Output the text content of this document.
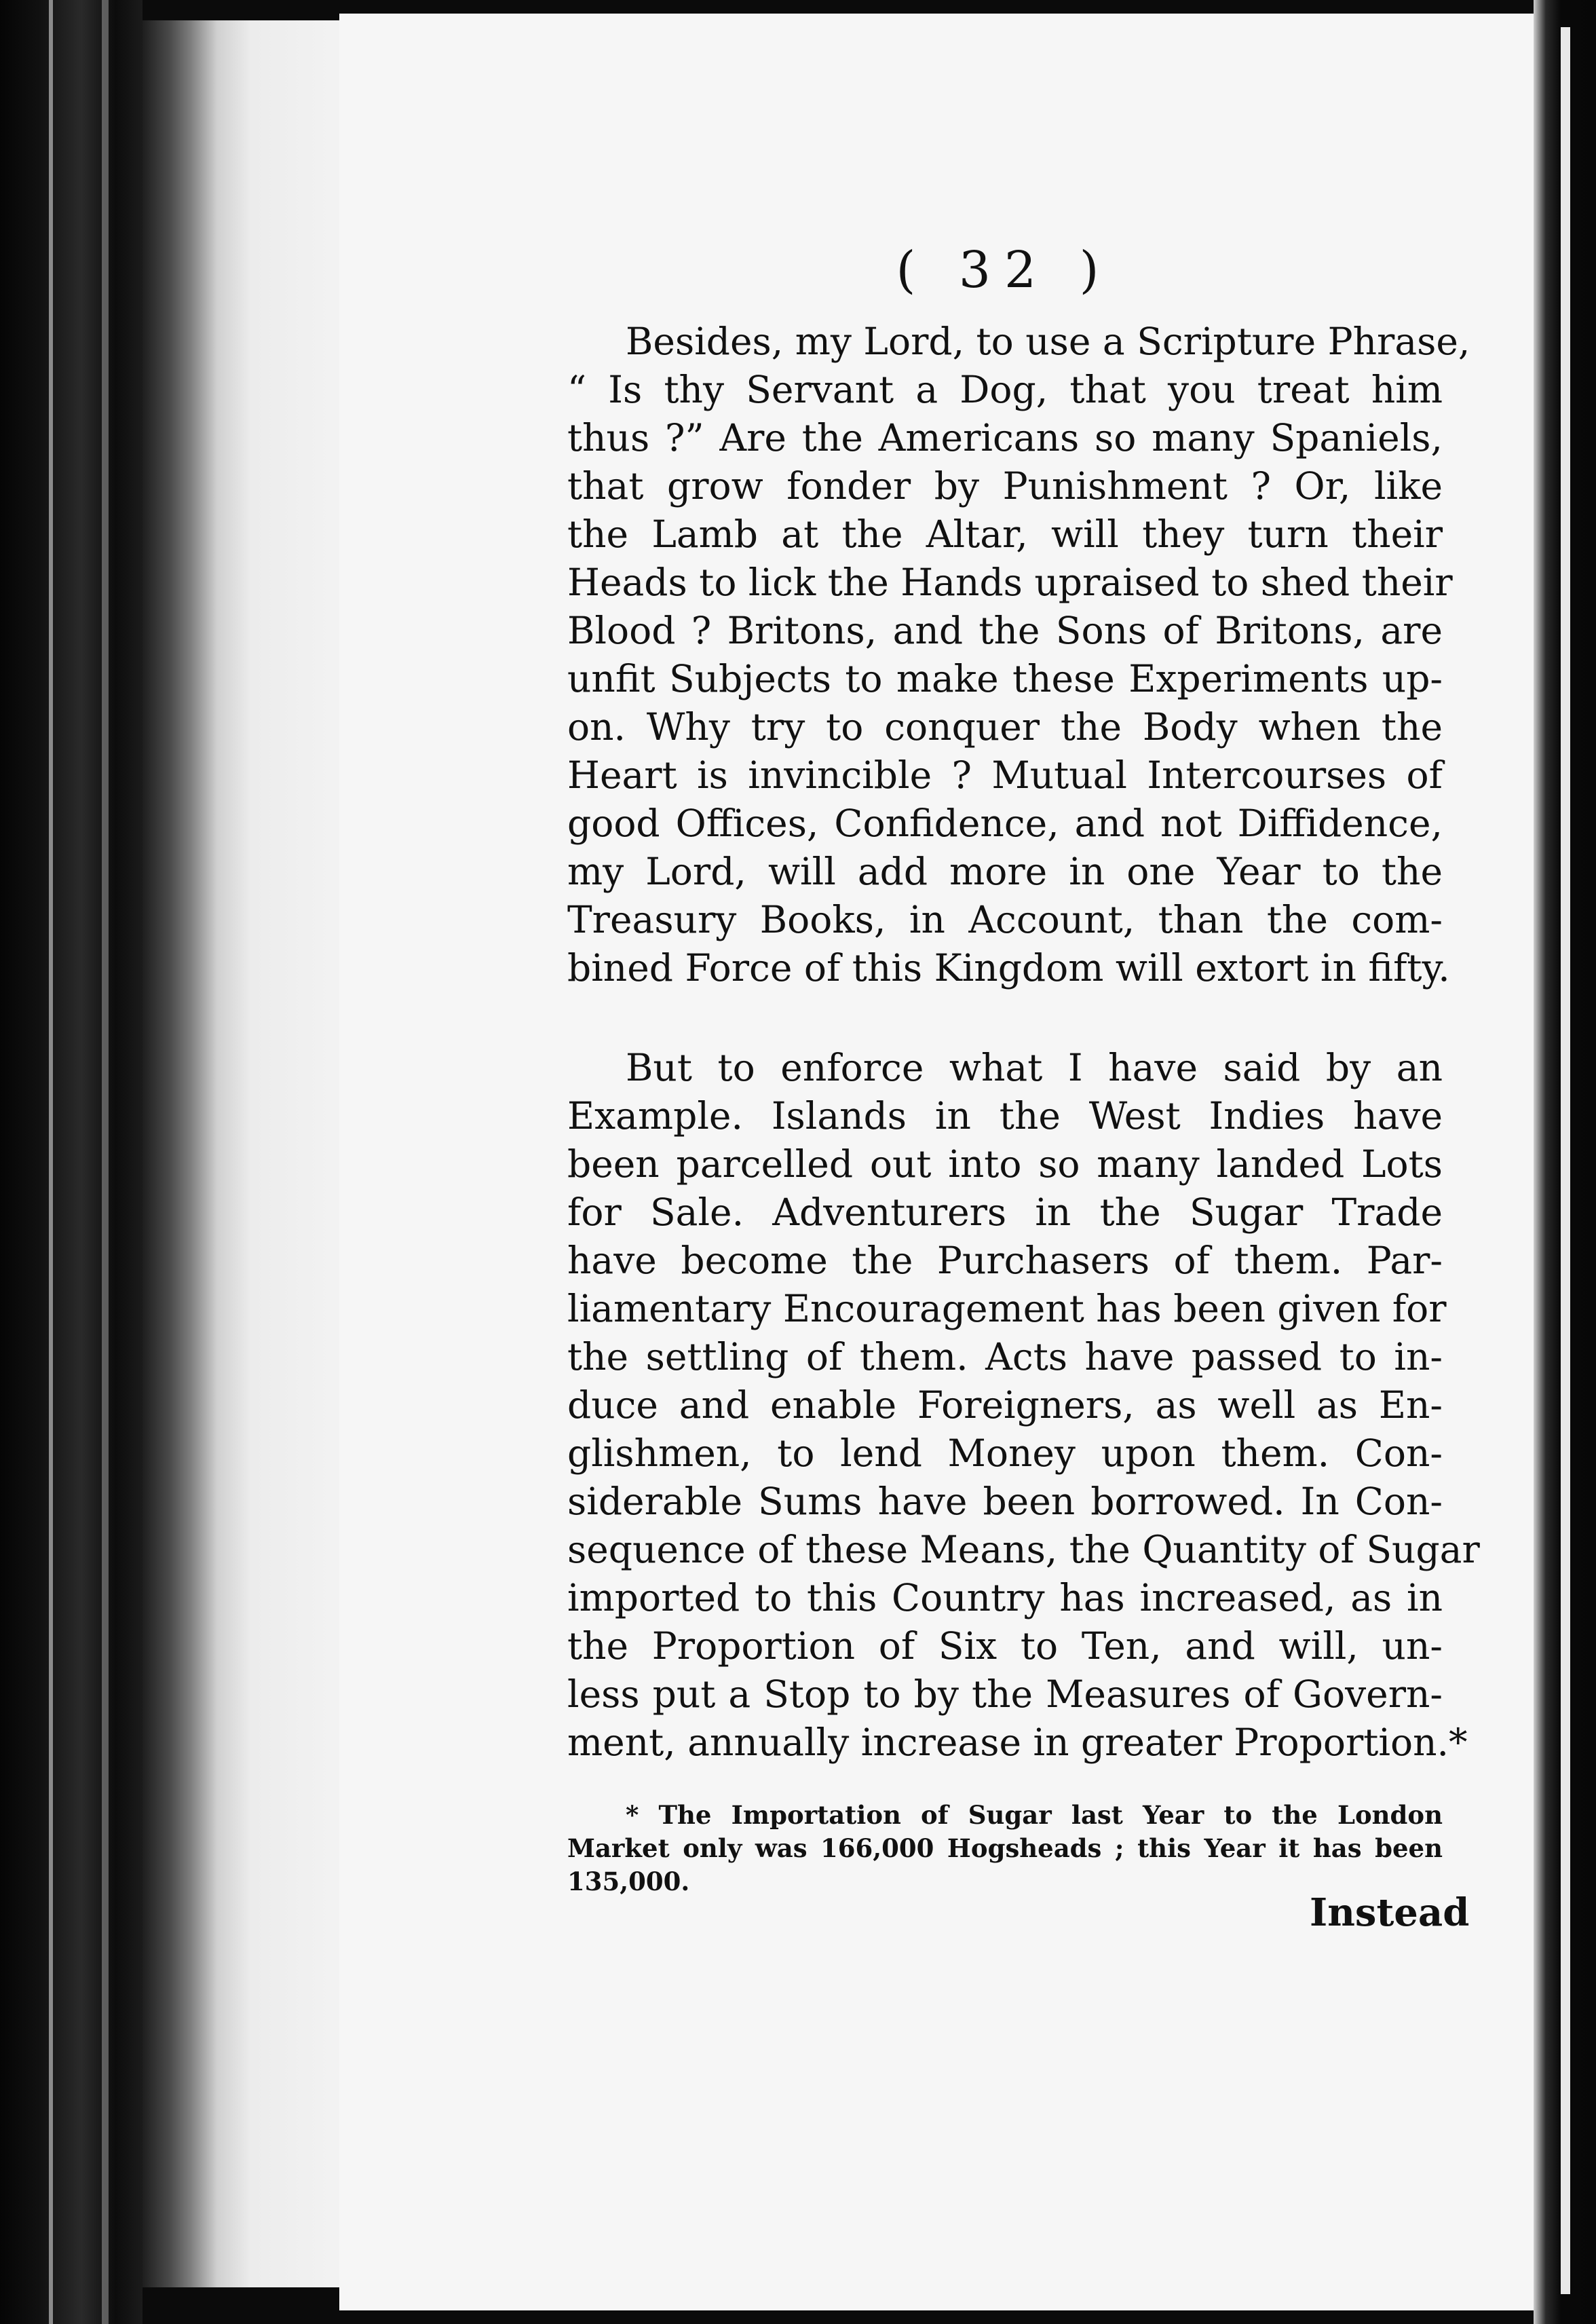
( 32 )
Besides, my Lord, to use a Scripture Phrase,
“ Is thy Servant a Dog, that you treat him
thus ?” Are the Americans so many Spaniels,
that grow fonder by Punishment ? Or, like
the Lamb at the Altar, will they turn their
Heads to lick the Hands upraised to shed their
Blood ? Britons, and the Sons of Britons, are
unfit Subjects to make these Experiments up-
on. Why try to conquer the Body when the
Heart is invincible ? Mutual Intercourses of
good Offices, Confidence, and not Diffidence,
my Lord, will add more in one Year to the
Treasury Books, in Account, than the com-
bined Force of this Kingdom will extort in fifty.
But to enforce what I have said by an
Example. Islands in the West Indies have
been parcelled out into so many landed Lots
for Sale. Adventurers in the Sugar Trade
have become the Purchasers of them. Par-
liamentary Encouragement has been given for
the settling of them. Acts have passed to in-
duce and enable Foreigners, as well as En-
glishmen, to lend Money upon them. Con-
siderable Sums have been borrowed. In Con-
sequence of these Means, the Quantity of Sugar
imported to this Country has increased, as in
the Proportion of Six to Ten, and will, un-
less put a Stop to by the Measures of Govern-
ment, annually increase in greater Proportion.*
* The Importation of Sugar last Year to the London
Market only was 166,000 Hogsheads ; this Year it has been
135,000.
Instead
